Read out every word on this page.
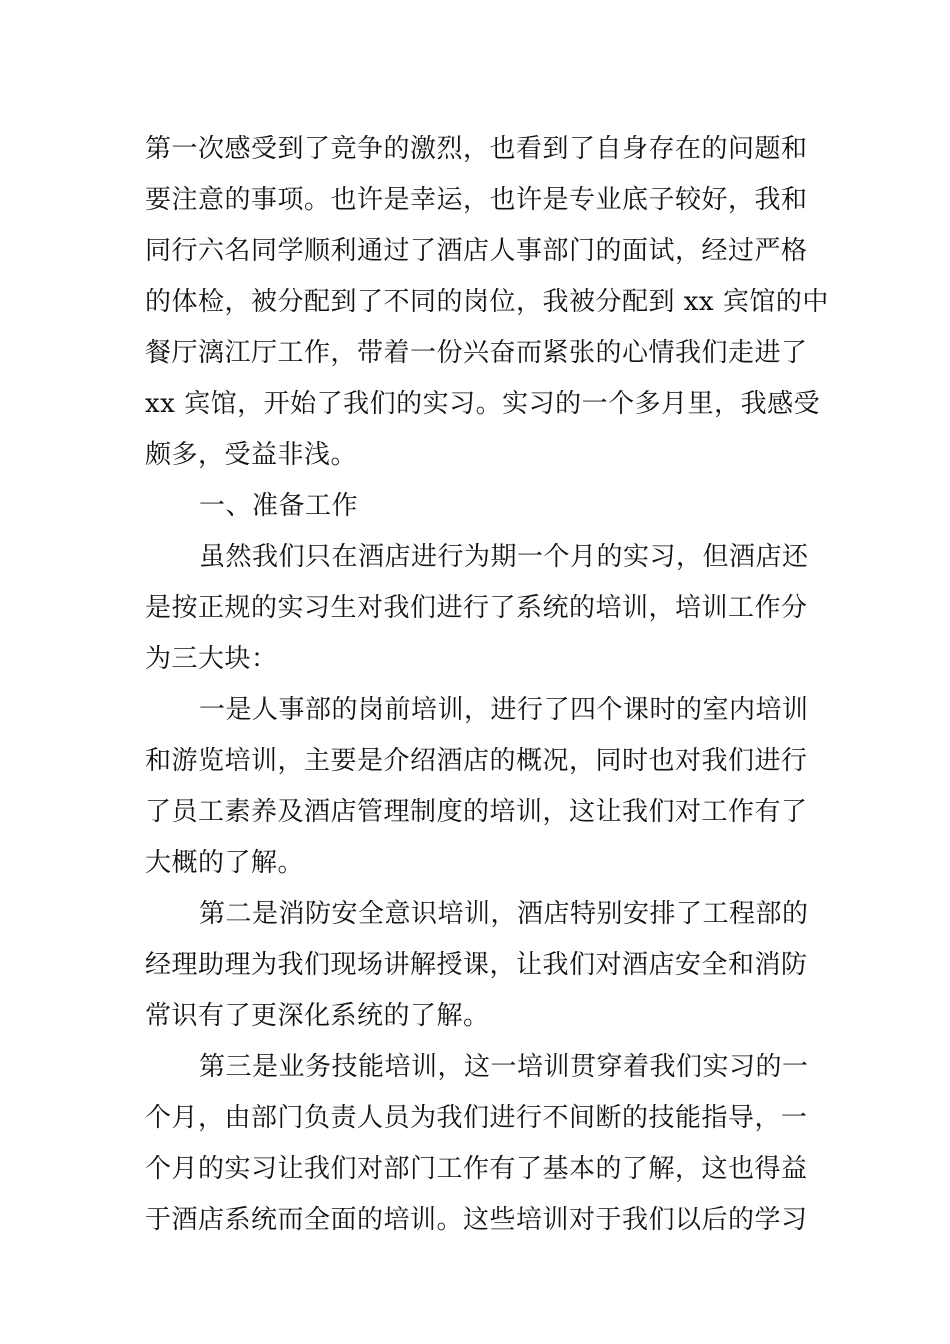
第一次感受到了竞争的激烈，也看到了自身存在的问题和
要注意的事项。也许是幸运，也许是专业底子较好，我和
同行六名同学顺利通过了酒店人事部门的面试，经过严格
的体检，被分配到了不同的岗位，我被分配到 xx 宾馆的中
餐厅漓江厅工作，带着一份兴奋而紧张的心情我们走进了
xx 宾馆，开始了我们的实习。实习的一个多月里，我感受
颇多，受益非浅。
一、准备工作
虽然我们只在酒店进行为期一个月的实习，但酒店还
是按正规的实习生对我们进行了系统的培训，培训工作分
为三大块：
一是人事部的岗前培训，进行了四个课时的室内培训
和游览培训，主要是介绍酒店的概况，同时也对我们进行
了员工素养及酒店管理制度的培训，这让我们对工作有了
大概的了解。
第二是消防安全意识培训，酒店特别安排了工程部的
经理助理为我们现场讲解授课，让我们对酒店安全和消防
常识有了更深化系统的了解。
第三是业务技能培训，这一培训贯穿着我们实习的一
个月，由部门负责人员为我们进行不间断的技能指导，一
个月的实习让我们对部门工作有了基本的了解，这也得益
于酒店系统而全面的培训。这些培训对于我们以后的学习
